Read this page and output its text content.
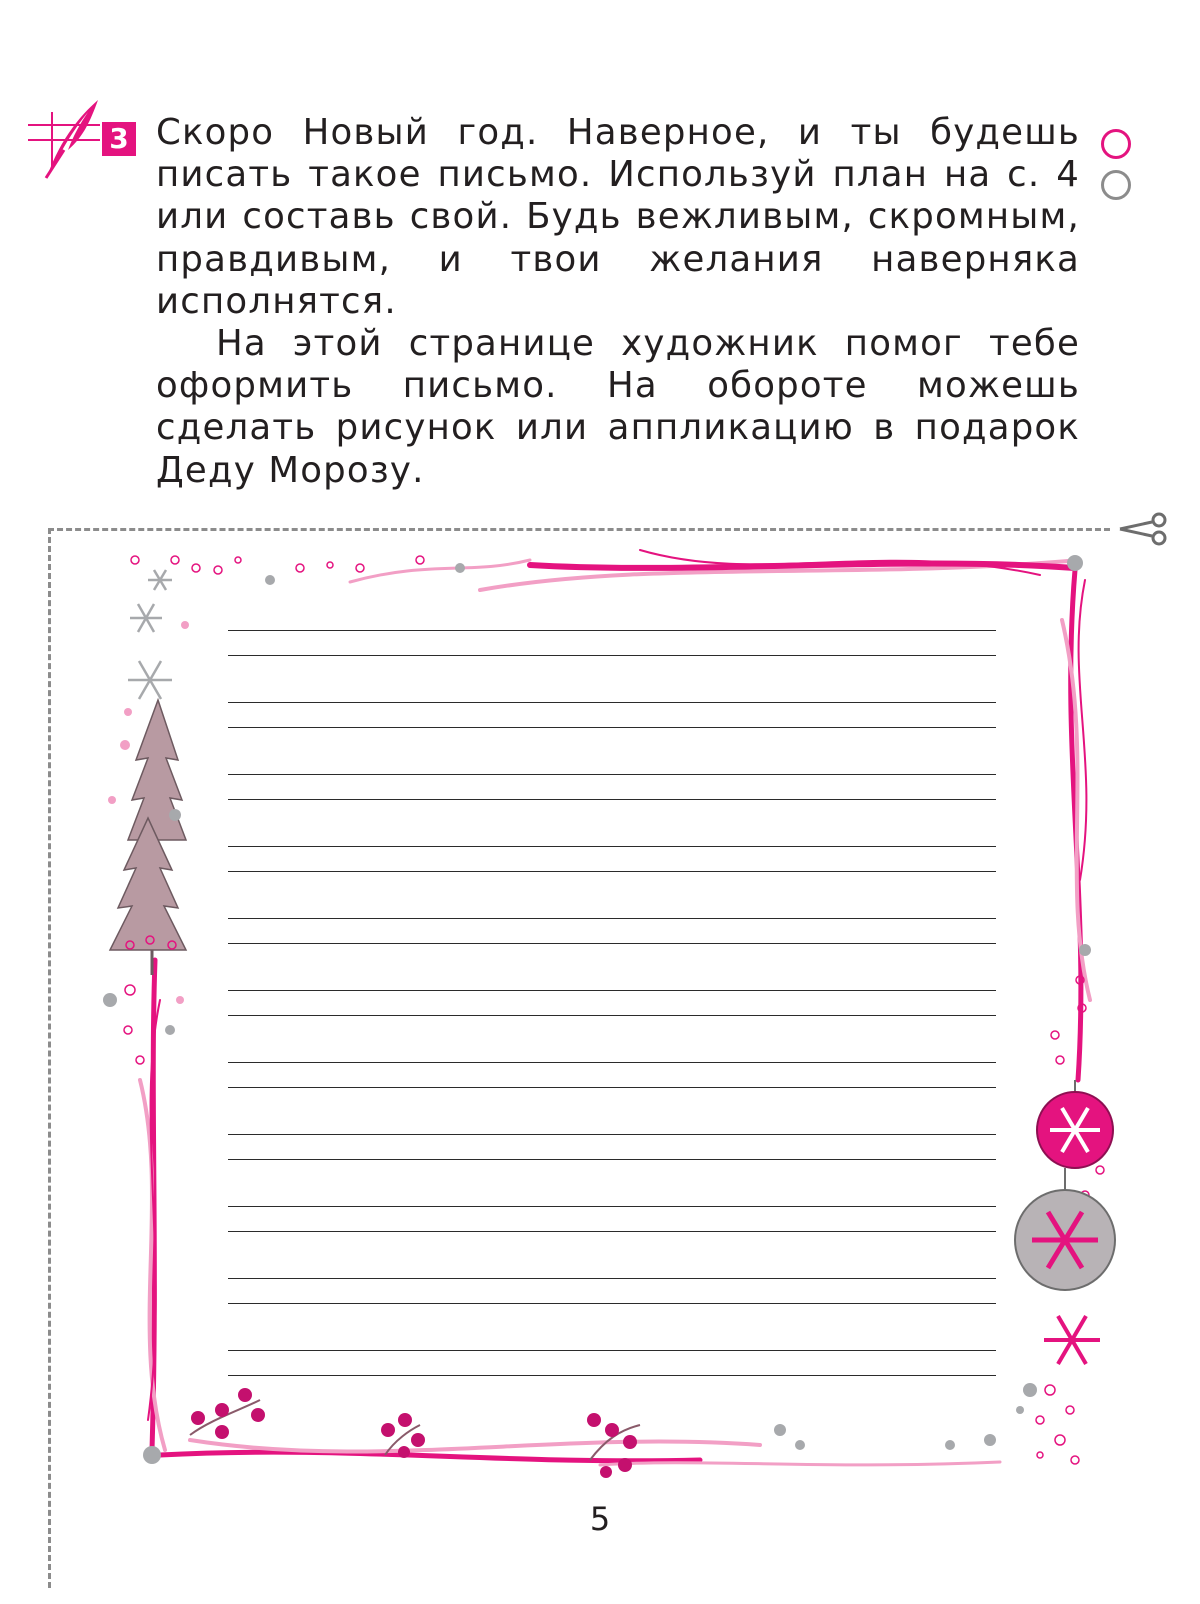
3 Скоро Новый год. Наверное, и ты будешь писать такое письмо. Используй план на с. 4 или составь свой. Будь вежливым, скромным, правдивым, и твои желания наверняка исполнятся.

На этой странице художник помог тебе оформить письмо. На обороте можешь сделать рисунок или аппликацию в подарок Деду Морозу.

5
